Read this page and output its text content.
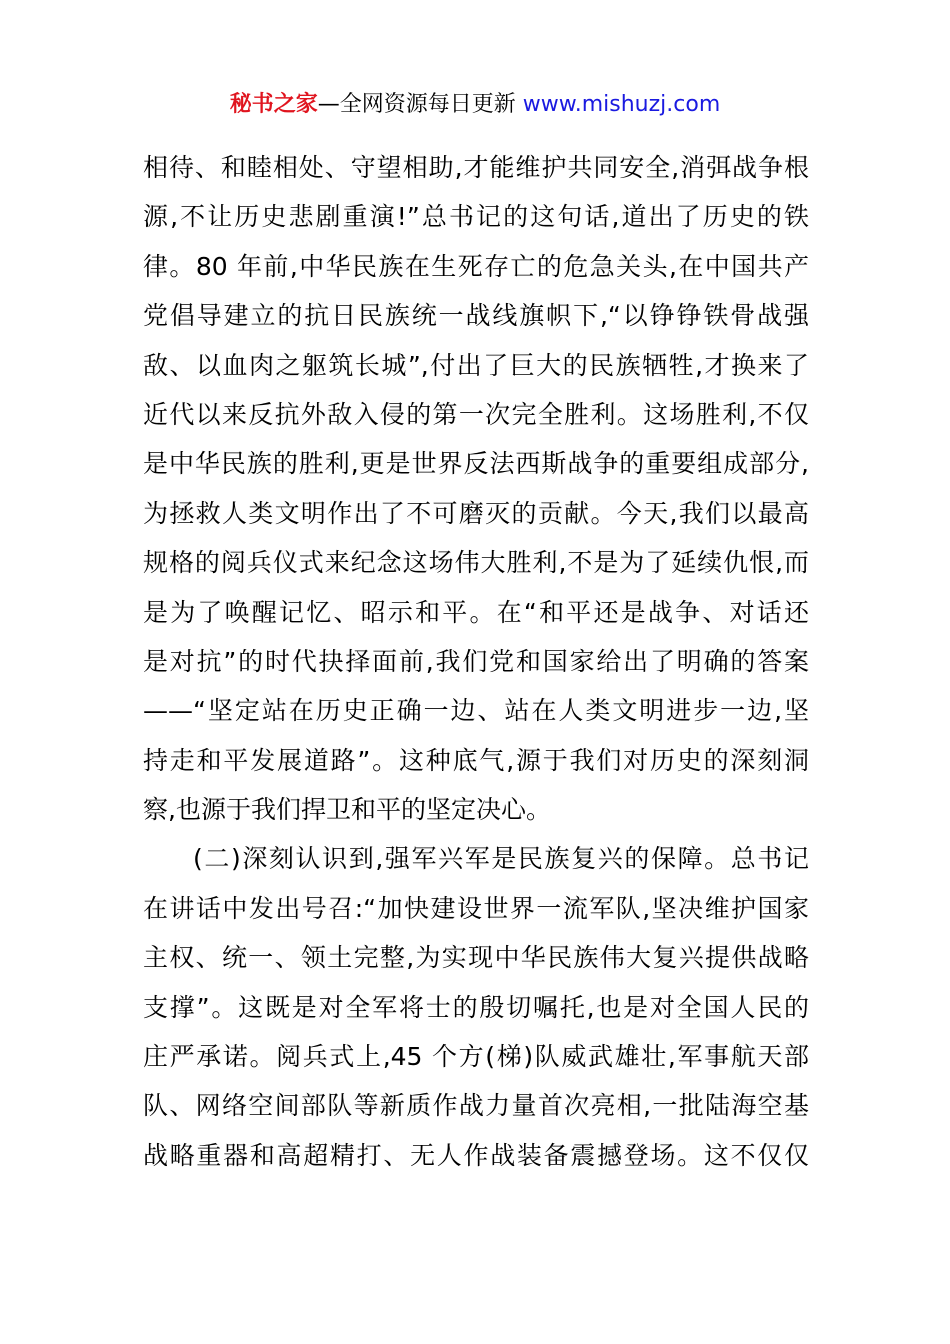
秘书之家—全网资源每日更新 www.mishuzj.com
相待、和睦相处、守望相助,才能维护共同安全,消弭战争根
源,不让历史悲剧重演!”总书记的这句话,道出了历史的铁
律。80 年前,中华民族在生死存亡的危急关头,在中国共产
党倡导建立的抗日民族统一战线旗帜下,“以铮铮铁骨战强
敌、以血肉之躯筑长城”,付出了巨大的民族牺牲,才换来了
近代以来反抗外敌入侵的第一次完全胜利。这场胜利,不仅
是中华民族的胜利,更是世界反法西斯战争的重要组成部分,
为拯救人类文明作出了不可磨灭的贡献。今天,我们以最高
规格的阅兵仪式来纪念这场伟大胜利,不是为了延续仇恨,而
是为了唤醒记忆、昭示和平。在“和平还是战争、对话还
是对抗”的时代抉择面前,我们党和国家给出了明确的答案
——“坚定站在历史正确一边、站在人类文明进步一边,坚
持走和平发展道路”。这种底气,源于我们对历史的深刻洞
察,也源于我们捍卫和平的坚定决心。
(二)深刻认识到,强军兴军是民族复兴的保障。总书记
在讲话中发出号召:“加快建设世界一流军队,坚决维护国家
主权、统一、领土完整,为实现中华民族伟大复兴提供战略
支撑”。这既是对全军将士的殷切嘱托,也是对全国人民的
庄严承诺。阅兵式上,45 个方(梯)队威武雄壮,军事航天部
队、网络空间部队等新质作战力量首次亮相,一批陆海空基
战略重器和高超精打、无人作战装备震撼登场。这不仅仅
